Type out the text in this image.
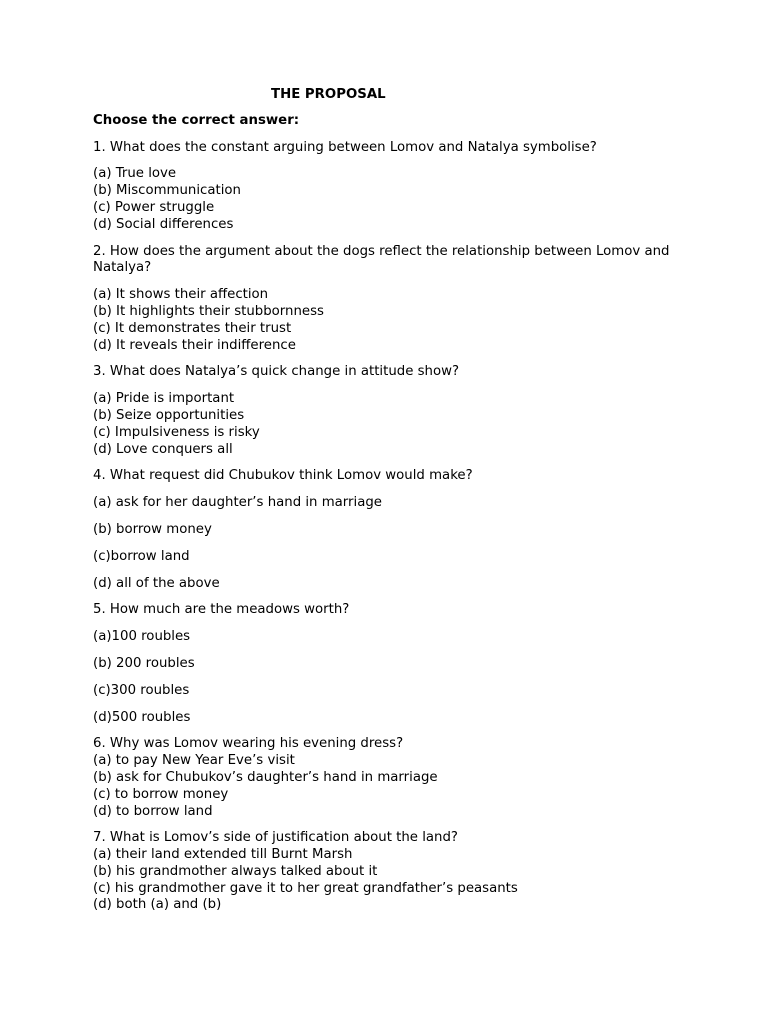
THE PROPOSAL
Choose the correct answer:
1. What does the constant arguing between Lomov and Natalya symbolise?
(a) True love
(b) Miscommunication
(c) Power struggle
(d) Social differences
2. How does the argument about the dogs reflect the relationship between Lomov and Natalya?
(a) It shows their affection
(b) It highlights their stubbornness
(c) It demonstrates their trust
(d) It reveals their indifference
3. What does Natalya’s quick change in attitude show?
(a) Pride is important
(b) Seize opportunities
(c) Impulsiveness is risky
(d) Love conquers all
4. What request did Chubukov think Lomov would make?
(a) ask for her daughter’s hand in marriage
(b) borrow money
(c)borrow land
(d) all of the above
5. How much are the meadows worth?
(a)100 roubles
(b) 200 roubles
(c)300 roubles
(d)500 roubles
6. Why was Lomov wearing his evening dress?
(a) to pay New Year Eve’s visit
(b) ask for Chubukov’s daughter’s hand in marriage
(c) to borrow money
(d) to borrow land
7. What is Lomov’s side of justification about the land?
(a) their land extended till Burnt Marsh
(b) his grandmother always talked about it
(c) his grandmother gave it to her great grandfather’s peasants
(d) both (a) and (b)
